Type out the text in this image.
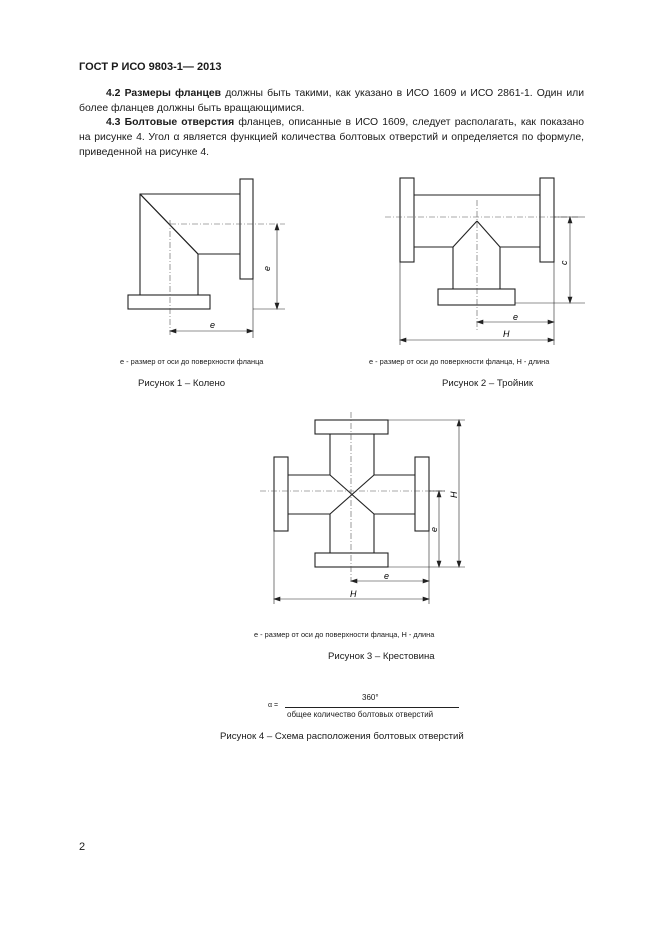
ГОСТ Р ИСО 9803-1— 2013
4.2 Размеры фланцев должны быть такими, как указано в ИСО 1609 и ИСО 2861-1. Один или более фланцев должны быть вращающимися.
4.3 Болтовые отверстия фланцев, описанные в ИСО 1609, следует располагать, как показано на рисунке 4. Угол α является функцией количества болтовых отверстий и определяется по формуле, приведенной на рисунке 4.
e
e
e - размер от оси до поверхности фланца
Рисунок 1 – Колено
c
e
H
e - размер от оси до поверхности фланца, H - длина
Рисунок 2 – Тройник
H
e
e
H
e - размер от оси до поверхности фланца, H - длина
Рисунок 3 – Крестовина
α =
360°
общее количество болтовых отверстий
Рисунок 4 – Схема расположения болтовых отверстий
2
